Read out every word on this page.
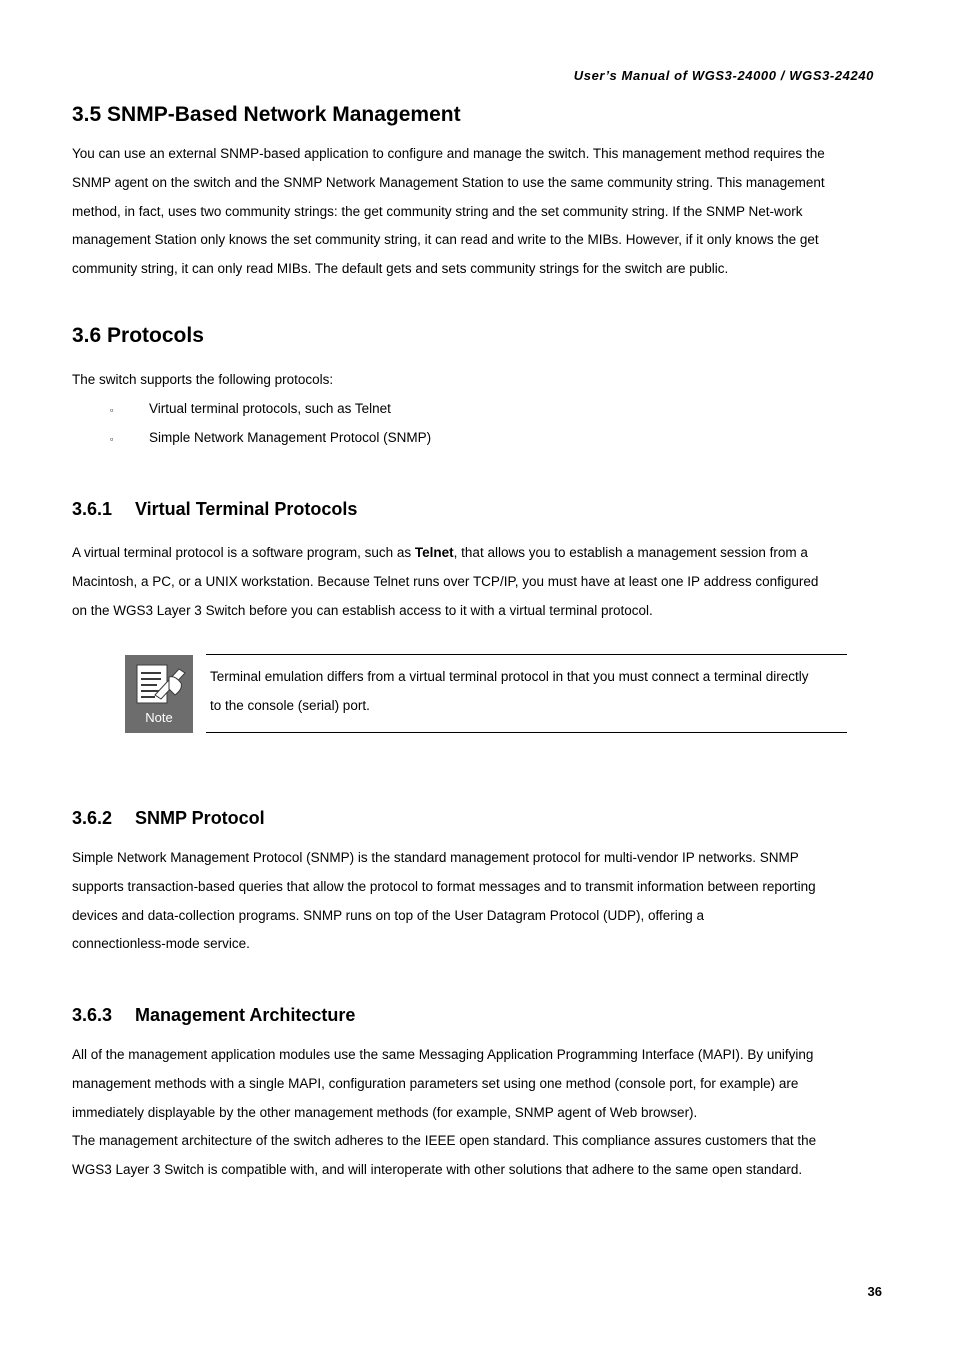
User’s Manual of WGS3-24000 / WGS3-24240
3.5 SNMP-Based Network Management
You can use an external SNMP-based application to configure and manage the switch. This management method requires the
SNMP agent on the switch and the SNMP Network Management Station to use the same community string. This management
method, in fact, uses two community strings: the get community string and the set community string. If the SNMP Net-work
management Station only knows the set community string, it can read and write to the MIBs. However, if it only knows the get
community string, it can only read MIBs. The default gets and sets community strings for the switch are public.
3.6 Protocols
The switch supports the following protocols:
▫	Virtual terminal protocols, such as Telnet
▫	Simple Network Management Protocol (SNMP)
3.6.1 Virtual Terminal Protocols
A virtual terminal protocol is a software program, such as Telnet, that allows you to establish a management session from a
Macintosh, a PC, or a UNIX workstation. Because Telnet runs over TCP/IP, you must have at least one IP address configured
on the WGS3 Layer 3 Switch before you can establish access to it with a virtual terminal protocol.
Note
Terminal emulation differs from a virtual terminal protocol in that you must connect a terminal directly
to the console (serial) port.
3.6.2 SNMP Protocol
Simple Network Management Protocol (SNMP) is the standard management protocol for multi-vendor IP networks. SNMP
supports transaction-based queries that allow the protocol to format messages and to transmit information between reporting
devices and data-collection programs. SNMP runs on top of the User Datagram Protocol (UDP), offering a
connectionless-mode service.
3.6.3 Management Architecture
All of the management application modules use the same Messaging Application Programming Interface (MAPI). By unifying
management methods with a single MAPI, configuration parameters set using one method (console port, for example) are
immediately displayable by the other management methods (for example, SNMP agent of Web browser).
The management architecture of the switch adheres to the IEEE open standard. This compliance assures customers that the
WGS3 Layer 3 Switch is compatible with, and will interoperate with other solutions that adhere to the same open standard.
36
